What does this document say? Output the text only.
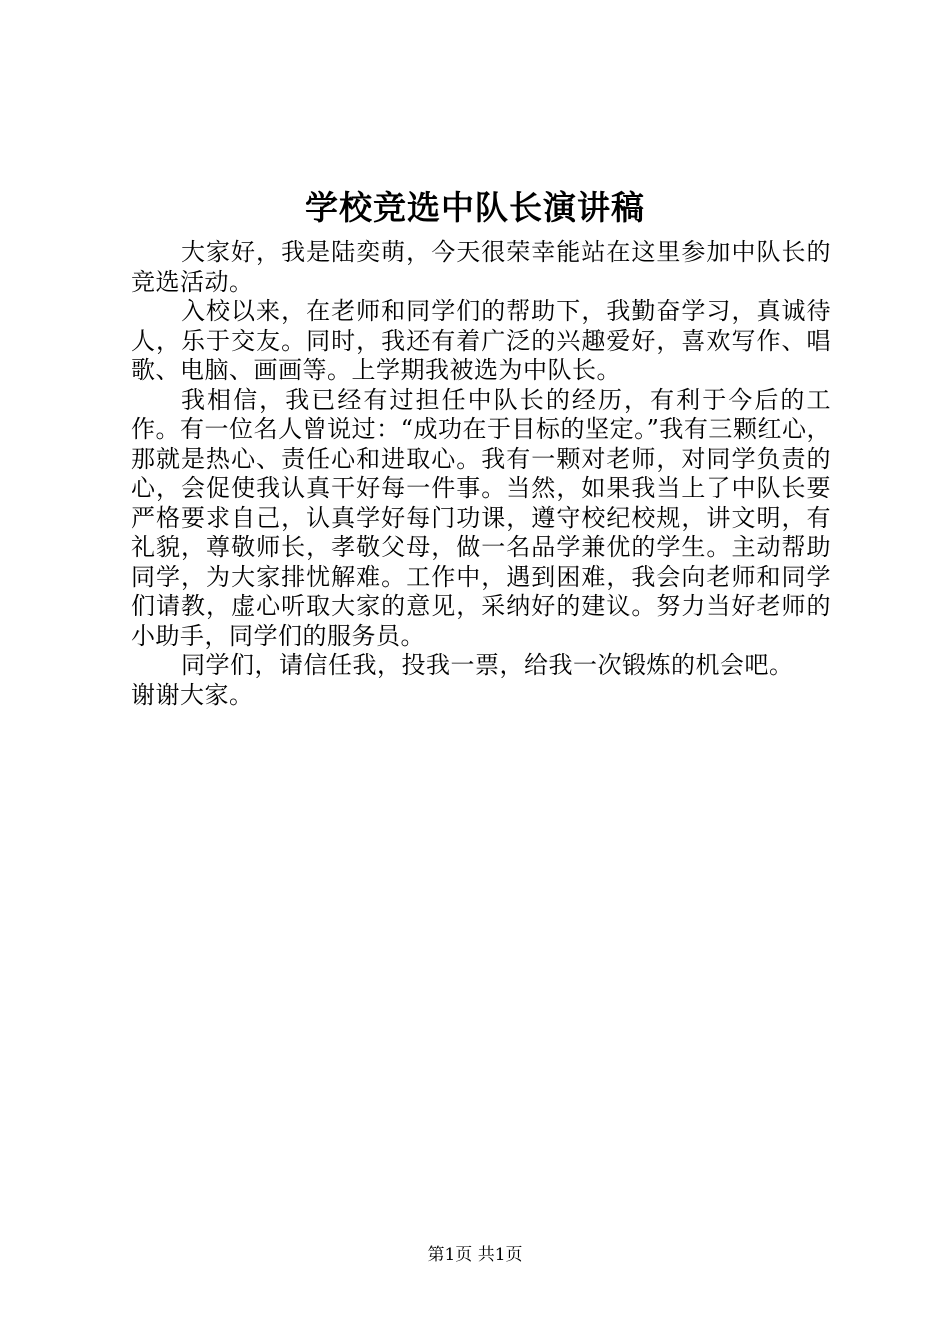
学校竞选中队长演讲稿

大家好，我是陆奕萌，今天很荣幸能站在这里参加中队长的竞选活动。

入校以来，在老师和同学们的帮助下，我勤奋学习，真诚待人，乐于交友。同时，我还有着广泛的兴趣爱好，喜欢写作、唱歌、电脑、画画等。上学期我被选为中队长。

我相信，我已经有过担任中队长的经历，有利于今后的工作。有一位名人曾说过：“成功在于目标的坚定。”我有三颗红心，那就是热心、责任心和进取心。我有一颗对老师，对同学负责的心，会促使我认真干好每一件事。当然，如果我当上了中队长要严格要求自己，认真学好每门功课，遵守校纪校规，讲文明，有礼貌，尊敬师长，孝敬父母，做一名品学兼优的学生。主动帮助同学，为大家排忧解难。工作中，遇到困难，我会向老师和同学们请教，虚心听取大家的意见，采纳好的建议。努力当好老师的小助手，同学们的服务员。

同学们，请信任我，投我一票，给我一次锻炼的机会吧。

谢谢大家。

第1页 共1页
